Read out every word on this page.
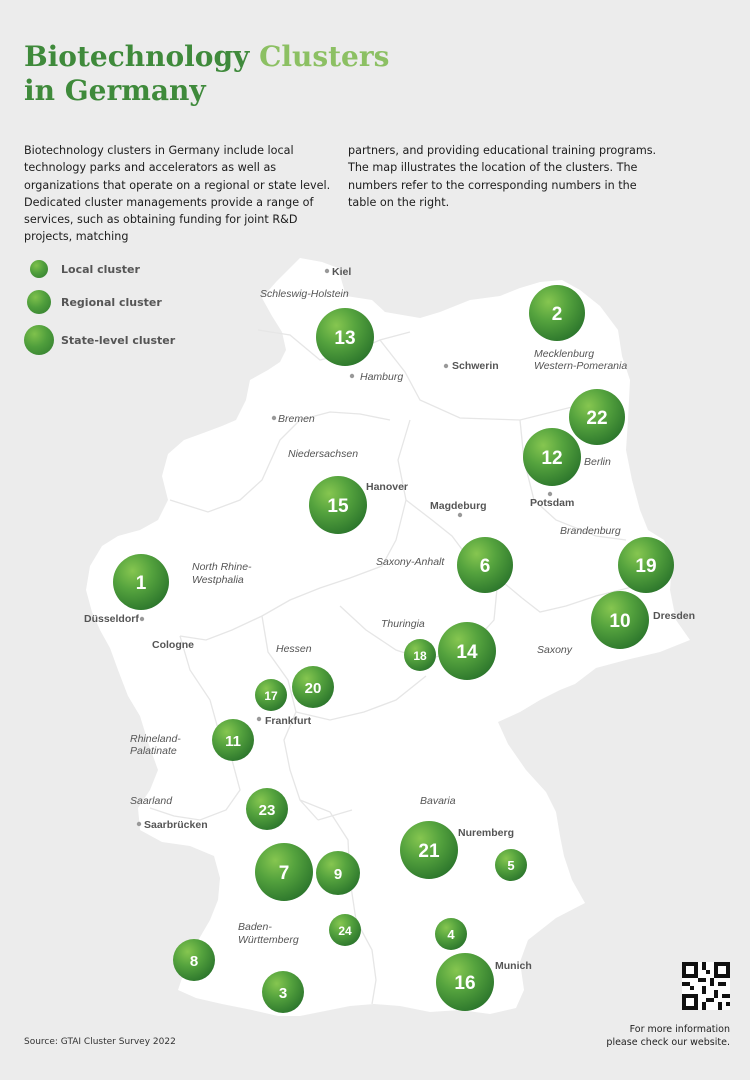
Kiel
Hamburg
Schwerin
Bremen
Hanover
Magdeburg	Potsdam
Berlin
Düsseldorf
Cologne
Dresden
Frankfurt
Saarbrücken
Nuremberg
Munich
Schleswig-Holstein
Mecklenburg
Western-Pomerania
Niedersachsen
Brandenburg
North Rhine-
Westphalia
Saxony-Anhalt
Thuringia
Saxony
Hessen
Rhineland-
Palatinate
Saarland	Bavaria
Baden-
Württemberg
1
2
3
4
5
6
7
8
9
10
11
12
13
14
15
16
17
18
19
20
21
22
23
24
Biotechnology Clusters
in Germany
Biotechnology clusters in Germany include local technology parks and accelerators as well as organizations that operate on a regional or state level. Dedicated cluster managements provide a range of services, such as obtaining funding for joint R&D projects, matching
partners, and providing educational training programs. The map illustrates the location of the clusters. The numbers refer to the corresponding numbers in the table on the right.
Local cluster
Regional cluster
State-level cluster
Source: GTAI Cluster Survey 2022
For more information
please check our website.
